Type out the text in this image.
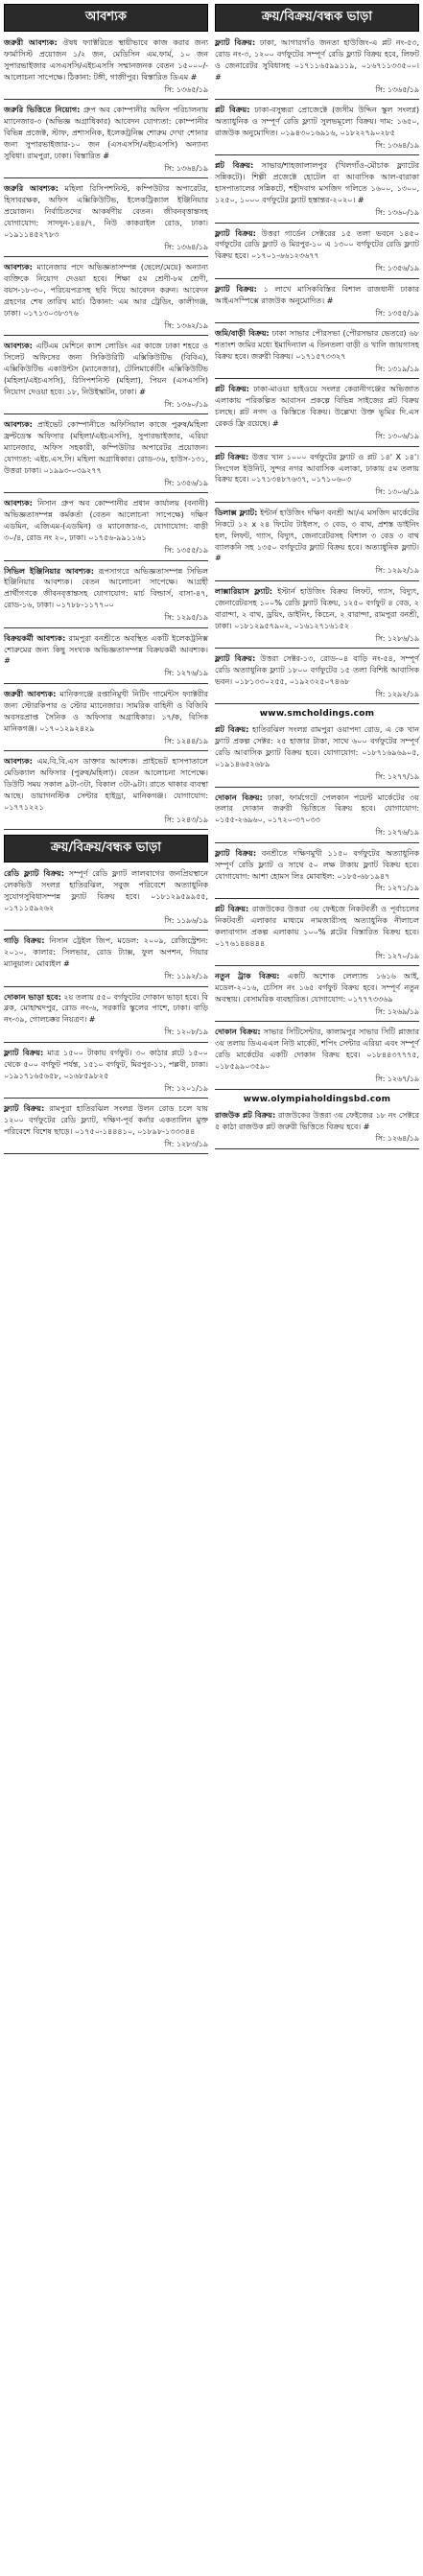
আবশ্যক
জরুরী আবশ্যক: ঔষধ ফ্যাক্টরিতে স্থায়ীভাবে কাজ করার জন্য ফার্মাসিস্ট প্রয়োজন ১/২ জন, মেডিসিন এম.ফার্ম, ১০ জন সুপারভাইজার এসএসসি/এইচএসসি সম্মানজনক বেতন ১৫০০০/- আলোচনা সাপেক্ষে। ঠিকানা: টঙ্গী, গাজীপুর। বিস্তারিত ডিএম #
সি: ১৩৬৫/১৯
জরুরি ভিত্তিতে নিয়োগ: গ্রুপ অব কোম্পানীর অফিস পরিচালনায় ম্যানেজার-৩ (অভিজ্ঞ অগ্রাধিকার) আবেদন যোগ্যতা: কোম্পানীর বিভিন্ন প্রজেক্ট, স্টাফ, প্রশাসনিক, ইলেকট্রনিক্স শোরুম দেখা শোনার জন্য সুপারভাইজার-১০ জন (এসএসসি/এইচএসসি) অন্যান্য সুবিধা। রামপুরা, ঢাকা। বিস্তারিত #
সি: ১৩৬৪/১৯
জরুরি আবশ্যক: মহিলা রিসিপশনিস্ট, কম্পিউটার অপারেটর, হিসাবরক্ষক, অফিস এক্সিকিউটিভ, ইলেকট্রিক্যাল ইঞ্জিনিয়ার প্রয়োজন। নির্বাচিতদের আকর্ষণীয় বেতন। জীবনবৃত্তান্তসহ যোগাযোগ: সাদদুন-১৪৪/৭, নিউ কাকরাইল রোড, ঢাকা। ০১৯১১৪৫২৭৮৩
সি: ১৩৬৪/১৯
আবশ্যক: ম্যানেজার পদে অভিজ্ঞতাসম্পন্ন (ছেলে/মেয়ে) অন্যান্য ব্যক্তিকে নিয়োগ দেওয়া হবে। শিক্ষা ৫ম শ্রেণী-৮ম শ্রেণী, বয়স-১৮-৩০, পরিচয়পত্রসহ ছবি দিয়ে আবেদন করুন। আবেদন গ্রহণের শেষ তারিখ মার্চ। ঠিকানা: এম আর ট্রেডিং, কালীগঞ্জ, ঢাকা। ০১৭১৩০৩৮৩৭৬
সি: ১৩৬২/১৯
আবশ্যক: এটিএম মেশিনে ক্যাশ লোডিং এর কাজে ঢাকা শহরে ও সিলেট অফিসের জন্য সিকিউরিটি এক্সিকিউটিভ (বিবিএ), এক্সিকিউটিভ একাউন্টস (ম্যানেজার), টেলিমার্কেটিং এক্সিকিউটিভ (মহিলা/এইচএসসি), রিসিপশনিস্ট (মহিলা), পিয়ন (এসএসসি) নিয়োগ দেওয়া হবে। ১৮, নিউইস্কাটন, ঢাকা। #
সি: ১৩৬০/১৯
আবশ্যক: প্রাইভেট কোম্পানীতে অফিসিয়াল কাজে পুরুষ/মহিলা ফ্রন্টডেস্ক অফিসার (মহিলা/এইচএসসি), সুপারভাইজার, এরিয়া ম্যানেজার, অফিস সহকারী, কম্পিউটার অপারেটর প্রয়োজন। যোগ্যতা: এইচ.এস.সি। মহিলা অগ্রাধিকার। রোড-৩৬, হাউস-১৩১, উত্তরা ঢাকা। ০১৯৯৩-০৩৯২৭৭
সি: ১৩৫৬/১৯
আবশ্যক: নিসান গ্রুপ অব কোম্পানীর প্রধান কার্যালয় (বনানী) অভিজ্ঞতাসম্পন্ন কর্মকর্তা (বেতন আলোচনা সাপেক্ষে) দক্ষিণ এডমিন, এজিএম-(এডমিন) ও ম্যানেজার-৩, যোগাযোগ: বাড়ী ৩০/৪, রোড নং ২০, ঢাকা। ০১৭৫৬-৯৯১১৬১
সি: ১৩৫৫/১৯
সিভিল ইঞ্জিনিয়ার আবশ্যক: রূপসাগরে অভিজ্ঞতাসম্পন্ন সিভিল ইঞ্জিনিয়ার আবশ্যক। বেতন আলোচনা সাপেক্ষে। আগ্রহী প্রার্থীগণকে জীবনবৃত্তান্তসহ যোগাযোগ: মার্চ বিল্ডার্স, বাসা-৪৭, রোড-১৬, ঢাকা। ০১৭৮৮-১১৭৭০০
সি: ১২৯৫/১৯
বিক্রয়কর্মী আবশ্যক: রামপুরা বনশ্রীতে অবস্থিত একটি ইলেকট্রনিক্স শোরুমের জন্য কিছু সংখ্যক অভিজ্ঞতাসম্পন্ন বিক্রয়কর্মী আবশ্যক। #
সি: ১২৭৬/১৯
জরুরী আবশ্যক: মানিকগঞ্জে রপ্তানিমুখী নিটিং গার্মেন্টস ফ্যাক্টরীর জন্য স্টোরকিপার ও স্টোর ম্যানেজার। সামরিক বাহিনী ও বিজিবি অবসরপ্রাপ্ত সৈনিক ও অফিসার অগ্রাধিকার। ১৭/ক, বিসিক মানিকগঞ্জ। ০১৭০১২৯২৪২৯
সি: ১২৪৪/১৯
আবশ্যক: এম.বি.বি.এস ডাক্তার আবশ্যক। প্রাইভেট হাসপাতালে মেডিক্যাল অফিসার (পুরুষ/মহিলা)। বেতন আলোচনা সাপেক্ষে। ডিউটি সময় সকাল ৯টা-৩টা, বিকাল ৩টা-৯টা। রাতে থাকার ব্যবস্থা আছে। ডায়াগনস্টিক সেন্টার হাইড্রা, মানিকগঞ্জ। যোগাযোগ: ০১৭৭১২২১
সি: ১২৪৩/১৯
ক্রয়/বিক্রয়/বন্ধক ভাড়া
রেডি ফ্ল্যাট বিক্রয়: সম্পূর্ণ রেডি ফ্ল্যাট লালবাগের জনপ্রিয়স্থানে লেকভিউ সংলগ্ন হাতিরঝিল, সবুজ পরিবেশে অত্যাধুনিক সুযোগসুবিধাসম্পন্ন ফ্ল্যাট বিক্রয় হবে। ০১৮১২৯৫৯৯৫৫, ০১৭১১৫৯২৬২
সি: ১১৯৬/১৯
গাড়ি বিক্রয়: নিসান ট্রেইল জিপ, মডেল: ২০০৯, রেজিস্ট্রেশন: ২০১০, কালার: সিলভার, রোড ট্যাক্স, ফুল অপশন, গিয়ার ম্যানুয়াল। মোবাইল #
সি: ১১৯২/১৯
দোকান ভাড়া হবে: ২য় তলায় ৫৫০ বর্গফুটের দোকান ভাড়া হবে। বি ব্লক, মোহাম্মদপুর, রোড নং-৬, সরকারি স্কুলের পাশে, ঢাকা। বাড়ি নং-৩৯, গোলচক্কর নিয়ত্রণ। #
সি: ১২০৮/১৯
ফ্ল্যাট বিক্রয়: মাত্র ১৫০০ টাকায় বর্গফুট। ৩০ কাঠার প্লটে ১৫০০ থেকে ৫০০ বর্গফুট পর্যন্ত, ১৫১০ বর্গফুট, মিরপুর-১১, পল্লবী, ঢাকা। ০১৯১৭১৬৫৬৫৮, ০১৬৮৫৯৮২৫
সি: ১২০১/১৯
ফ্ল্যাট বিক্রয়: রামপুরা হাতিরঝিল সংলগ্ন উলন রোড চলে যায় ১২০০ বর্গফুটের রেডি ফ্ল্যাট, দক্ষিণ-পূর্ব কর্নার একতালিন মুক্ত পরিবেশে বিশেষ ছাড়ে। ০১৭৫০-১৪৪৪১০, ০১৮৯৮-১৩৩৩৪৪
সি: ১২৮৩/১৯
ক্রয়/বিক্রয়/বন্ধক ভাড়া
ফ্ল্যাট বিক্রয়: ঢাকা, আগারগাঁও জনতা হাউজিং-এ প্লট নং-৫৩, রোড নং-৩, ১২০০ বর্গফুটের সম্পূর্ণ রেডি ফ্ল্যাট বিক্রয় হবে, লিফট ও জেনারেটর সুবিধাসহ ০১৭১১৬৫৯৯১১৯, ০১৬৭১১৩৩৫০০। #
সি: ১৩৬৫/১৯
প্লট বিক্রয়: ঢাকা-বসুন্ধরা প্রোজেক্টে (জসীম উদ্দিন স্কুল সংলগ্ন) অত্যাধুনিক ও সম্পূর্ণ রেডি ফ্ল্যাট সুলভমূল্যে বিক্রয়। দাম: ১৬৫০, রাজউক অনুমোদিত। ০১৯৪৩০১৬৯১৬, ০১৮২২৭৯০২৮৫
সি: ১৩৬৪/১৯
প্লট বিক্রয়: সাভার/শাহজালালপুর (খিলগাঁও-মৌচাক ফ্ল্যাটের সন্নিকটে)। শিল্পী প্রজেক্টে হোটেল বা আবাসিক আল-বারাকা হাসপাতালের সন্নিকটে, শহীদবাগ মসজিদ গলিতে ১৬০০, ১৩০০, ১২৫০, ১০০০ বর্গফুটের ফ্ল্যাট হস্তান্তর-২০২০। #
সি: ১৩৬০/১৯
ফ্ল্যাট বিক্রয়: উত্তরা গার্ডেন সেক্টরের ১৫ তলা ভবনে ১৪৫০ বর্গফুটের রেডি ফ্ল্যাট ও মিরপুর-১০ এ ১৩০০ বর্গফুটের রেডি ফ্ল্যাট বিক্রয় হবে। ০১৭০১-৬৬১২৩৬৭৭
সি: ১৩৫৬/১৯
ফ্ল্যাট বিক্রয়: ১ লাখে মাসিকবিস্তির বিশাল রাজধানী ঢাকার আইএসস্পিক্সে রাজউক অনুমোদিত। #
সি: ১৩৫৫/১৯
জমি/বাড়ী বিক্রয়: ঢাকা সাভার পৌরসভা (পৌরসভার ভেতরে) ৬৮ শতাংশ জমির মধ্যে ইমাদিন্যাল এ তিনতলা বাড়ী ও খালি জায়গাসহ বিক্রয় হবে। জরুরী বিক্রয়। ০১৭১৫৭৩৩২৭
সি: ১৩১৯/১৯
প্লট বিক্রয়: ঢাকা-মাওয়া হাইওয়ে সংলগ্ন কেরানীগঞ্জের অভিজাত এলাকায় পরিকল্পিত আবাসন প্রকল্পে বিভিন্ন সাইজের প্লট বিক্রয় চলছে। প্লট নগদ ও কিস্তিতে বিক্রয়। উল্লেখ্য উক্ত ভূমির দি.এস রেকর্ড ফ্রি রয়েছে। #
সি: ১৩০৬/১৯
প্লট বিক্রয়: উত্তর খান ১০০০ বর্গফুটের ফ্ল্যাট ও প্লট ১৪' X ১৪'। সিংগেল ইউনিট, সুন্দর নগর আবাসিক এলাকা, ঢাকায় ৫ম তলায় বিক্রয় হবে। ০১৭১৩৪৮৭৬৩৭, ০১৭১০৬০৩
সি: ১৩০৬/১৯
ডিলাক্স ফ্ল্যাট: ইন্টার্ন হাউজিং দক্ষিণ বনশ্রী আ/এ মসজিদ মার্কেটের নিকটে ১২ x ২৪ ফিটের টাইলস, ৩ বেড, ৩ বাথ, প্রশস্ত ডাইনিং হল, লিফট, গ্যাস, বিদ্যুৎ, জেনারেটরসহ বিশাল ৩ বেড ৩ বাথ ব্যালকনি সহ ১৩৫০ বর্গফুটের ফ্ল্যাট বিক্রয় হবে। অত্যাধুনিক ফ্ল্যাট। #
সি: ১২৯২/১৯
লাক্সারিয়াস ফ্ল্যাট: ইস্টার্ন হাউজিং বিক্রয় লিফট, গ্যাস, বিদ্যুৎ, জেনারেটরসহ ১০০% রেডি ফ্ল্যাট বিক্রয়, ১২৫০ বর্গফুট ৪ বেড, ২ বারান্দা, ২ বাথ, ড্রয়িং, ডাইনিং, কিচেন, ২ বারান্দা, রামপুরা বনশ্রী, ঢাকা। ০১৮১২৯৫৭৯০২, ০১৬১২৭১৬১৫২
সি: ১২৮৬/১৯
ফ্ল্যাট বিক্রয়: উত্তরা সেক্টর-১৩, রোড-০৪ বাড়ি নং-৫৪, সম্পূর্ণ রেডি অত্যাধুনিক ফ্ল্যাট ১৮০০ বর্গফুটের ১৫ তলা বিশিষ্ট আবাসিক ভবন। ০১৮১৩৩০২৫৫, ০১৯২৩২৫০৭৪৬৮
সি: ১২৯২/১৯
www.smcholdings.com
প্লট বিক্রয়: হাতিরঝিল সংলগ্ন রামপুরা ওয়াপদা রোড, এ কে খান ফ্ল্যাট প্রকল্প সেক্টর: ২৫ হাজার টাকা, সাথে ৬০০ বর্গফুটের সম্পূর্ণ রেডি আবাসিক ফ্ল্যাট বিক্রয় হবে। যোগাযোগ: ০১৮৭১৬৯৬৯০৫, ০১৯১৪৬৫২৬৮৯
সি: ১২৭৭/১৯
দোকান বিক্রয়: ঢাকা, ফার্মগেটে পেলকান পয়েন্ট মার্কেটের ৩য় তলার দোকান জরুরী ভিত্তিতে বিক্রয় হবে। যোগাযোগ: ০১৫৫-২৬৯৬০, ০১৭২০-৩৭০৩৩
সি: ১২৭৬/১৯
ফ্ল্যাট বিক্রয়: বনশ্রীতে দক্ষিণমুখী ১১৫০ বর্গফুটের অত্যাধুনিক সম্পূর্ণ রেডি ফ্ল্যাট ও সাথে ৫০ লক্ষ টাকায় ফ্ল্যাট বিক্রয় হবে। যোগাযোগ: আশা হোমস লিঃ মোবাইল: ০১৮৫-৬৮১৯৪৭
সি: ১২৭১/১৯
প্লট বিক্রয়: রাজউকের উত্তরা ৩য় ফেইজে নিকটবর্তী ও পূর্বাচলের নিকটবর্তী এলাকার মাধ্যমে নামজারীসহ অত্যাধুনিক নীলাচল কলাবাগান প্রকল্প এলাকায় ১০০% প্লটের বিস্তারিত বিক্রয় হবে। ০১৭৬১৪৪৪৪৪
সি: ১২৭০/১৯
নতুন ট্রাক বিক্রয়: একটি অশোক লেল্যান্ড ১৬১৬ আই, মডেল-২০১৬, চেসিস নং ১৬৫ বর্গফুট বিক্রয় হবে। সম্পূর্ণ নতুন অবস্থায়। বেসামরিক ব্যবহারিত। যোগাযোগ: ০১৭৭৭৩৩৬৯
সি: ১২৬৯/১৯
দোকান বিক্রয়: সাভার সিটিসেন্টার, কালামপুর সাভার সিটি প্লাজার ৩য় তলায় ডিএএএল নিউ মার্কেট, শপিং সেন্টার এরিয়া এবং সম্পূর্ণ রেডি মার্কেটের একটি দোকান বিক্রয় হবে। ০১৮৪৪৩৭৭৭৫, ০১৮৫৯৯০৩৫৯০
সি: ১২৬৭/১৯
www.olympiaholdingsbd.com
রাজউক প্লট বিক্রয়: রাজউকের উত্তরা ৩য় ফেইজের ১৮ নং সেক্টরে ৫ কাঠা রাজউক প্লট জরুরী ভিত্তিতে বিক্রয় হবে। #
সি: ১২৬৪/১৯
